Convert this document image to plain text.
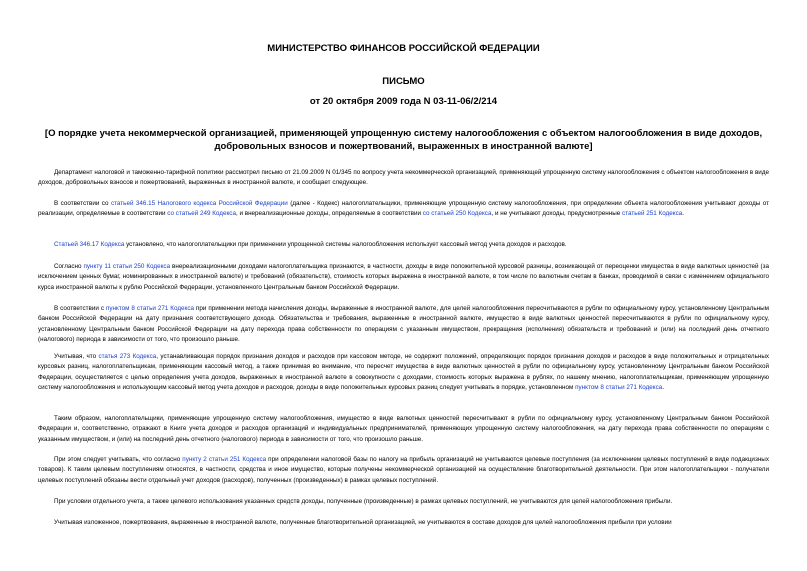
МИНИСТЕРСТВО ФИНАНСОВ РОССИЙСКОЙ ФЕДЕРАЦИИ
ПИСЬМО
от 20 октября 2009 года N 03-11-06/2/214
[О порядке учета некоммерческой организацией, применяющей упрощенную систему налогообложения с объектом налогообложения в виде доходов,
добровольных взносов и пожертвований, выраженных в иностранной валюте]

Департамент налоговой и таможенно-тарифной политики рассмотрел письмо от 21.09.2009 N 01/345 по вопросу учета некоммерческой организацией, применяющей упрощенную систему налогообложения с объектом налогообложения в виде доходов, добровольных взносов и пожертвований, выраженных в иностранной валюте, и сообщает следующее.

В соответствии со статьей 346.15 Налогового кодекса Российской Федерации (далее - Кодекс) налогоплательщики, применяющие упрощенную систему налогообложения, при определении объекта налогообложения учитывают доходы от реализации, определяемые в соответствии со статьей 249 Кодекса, и внереализационные доходы, определяемые в соответствии со статьей 250 Кодекса, и не учитывают доходы, предусмотренные статьей 251 Кодекса.

Статьей 346.17 Кодекса установлено, что налогоплательщики при применении упрощенной системы налогообложения использует кассовый метод учета доходов и расходов.

Согласно пункту 11 статьи 250 Кодекса внереализационными доходами налогоплательщика признаются, в частности, доходы в виде положительной курсовой разницы, возникающей от переоценки имущества в виде валютных ценностей (за исключением ценных бумаг, номинированных в иностранной валюте) и требований (обязательств), стоимость которых выражена в иностранной валюте, в том числе по валютным счетам в банках, проводимой в связи с изменением официального курса иностранной валюты к рублю Российской Федерации, установленного Центральным банком Российской Федерации.

В соответствии с пунктом 8 статьи 271 Кодекса при применении метода начисления доходы, выраженные в иностранной валюте, для целей налогообложения пересчитываются в рубли по официальному курсу, установленному Центральным банком Российской Федерации на дату признания соответствующего дохода. Обязательства и требования, выраженные в иностранной валюте, имущество в виде валютных ценностей пересчитываются в рубли по официальному курсу, установленному Центральным банком Российской Федерации на дату перехода права собственности по операциям с указанным имуществом, прекращения (исполнения) обязательств и требований и (или) на последний день отчетного (налогового) периода в зависимости от того, что произошло раньше.

Учитывая, что статья 273 Кодекса, устанавливающая порядок признания доходов и расходов при кассовом методе, не содержит положений, определяющих порядок признания доходов и расходов в виде положительных и отрицательных курсовых разниц, налогоплательщикам, применяющим кассовый метод, а также принимая во внимание, что пересчет имущества в виде валютных ценностей в рубли по официальному курсу, установленному Центральным банком Российской Федерации, осуществляется с целью определения учета доходов, выраженных в иностранной валюте в совокупности с доходами, стоимость которых выражена в рублях, по нашему мнению, налогоплательщикам, применяющим упрощенную систему налогообложения и использующим кассовый метод учета доходов и расходов, доходы в виде положительных курсовых разниц следует учитывать в порядке, установленном пунктом 8 статьи 271 Кодекса.

Таким образом, налогоплательщики, применяющие упрощенную систему налогообложения, имущество в виде валютных ценностей пересчитывают в рубли по официальному курсу, установленному Центральным банком Российской Федерации и, соответственно, отражают в Книге учета доходов и расходов организаций и индивидуальных предпринимателей, применяющих упрощенную систему налогообложения, на дату перехода права собственности по операциям с указанным имуществом, и (или) на последний день отчетного (налогового) периода в зависимости от того, что произошло раньше.

При этом следует учитывать, что согласно пункту 2 статьи 251 Кодекса при определении налоговой базы по налогу на прибыль организаций не учитываются целевые поступления (за исключением целевых поступлений в виде подакцизных товаров). К таким целевым поступлениям относятся, в частности, средства и иное имущество, которые получены некоммерческой организацией на осуществление благотворительной деятельности. При этом налогоплательщики - получатели целевых поступлений обязаны вести отдельный учет доходов (расходов), полученных (произведенных) в рамках целевых поступлений.

При условии отдельного учета, а также целевого использования указанных средств доходы, полученные (произведенные) в рамках целевых поступлений, не учитываются для целей налогообложения прибыли.

Учитывая изложенное, пожертвования, выраженные в иностранной валюте, полученные благотворительной организацией, не учитываются в составе доходов для целей налогообложения прибыли при условии
